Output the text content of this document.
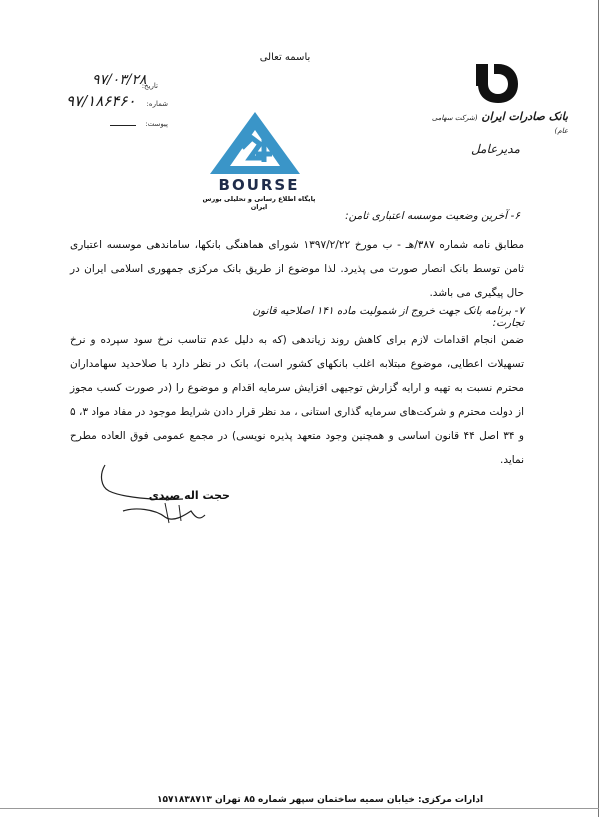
باسمه تعالی
بانک صادرات ایران (شرکت سهامی عام)
مدیرعامل
تاریخ:
۹۷/۰۳/۲۸
شماره:
۹۷/۱۸۶۴۶۰
پیوست:
BOURSE
پایگاه اطلاع رسانی و تحلیلی بورس ایران
۶- آخرین وضعیت موسسه اعتباری ثامن:
مطابق نامه شماره ۳۸۷/هـ - ب مورخ ۱۳۹۷/۲/۲۲ شورای هماهنگی بانکها، ساماندهی موسسه اعتباری ثامن توسط بانک انصار صورت می پذیرد. لذا موضوع از طریق بانک مرکزی جمهوری اسلامی ایران در حال پیگیری می باشد.
۷- برنامه بانک جهت خروج از شمولیت ماده ۱۴۱ اصلاحیه قانون تجارت:
ضمن انجام اقدامات لازم برای کاهش روند زیاندهی (که به دلیل عدم تناسب نرخ سود سپرده و نرخ تسهیلات اعطایی، موضوع مبتلابه اغلب بانکهای کشور است)، بانک در نظر دارد با صلاحدید سهامداران محترم نسبت به تهیه و ارایه گزارش توجیهی افزایش سرمایه اقدام و موضوع را (در صورت کسب مجوز از دولت محترم و شرکت‌های سرمایه گذاری استانی ، مد نظر قرار دادن شرایط موجود در مفاد مواد ۳، ۵ و ۳۴ اصل ۴۴ قانون اساسی و همچنین وجود متعهد پذیره نویسی) در مجمع عمومی فوق العاده مطرح نماید.
حجت اله صیدی
ادارات مرکزی: خیابان سمیه ساختمان سپهر شماره ۸۵ تهران ۱۵۷۱۸۳۸۷۱۳
